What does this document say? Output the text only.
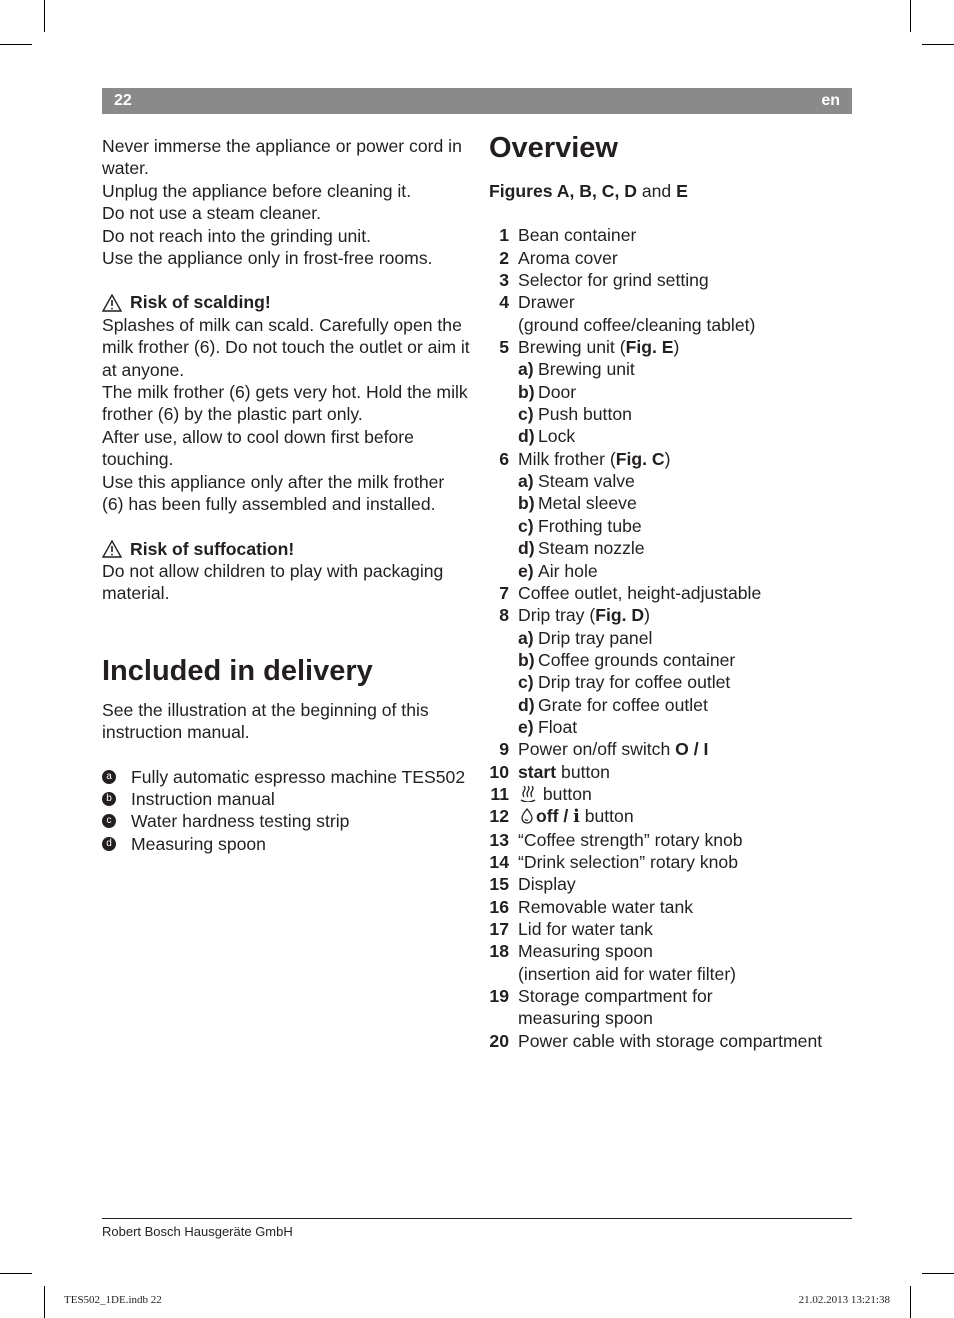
22	en

Never immerse the appliance or power cord in water.

Unplug the appliance before cleaning it.

Do not use a steam cleaner.

Do not reach into the grinding unit.

Use the appliance only in frost-free rooms.

Risk of scalding!

Splashes of milk can scald. Carefully open the milk frother (6). Do not touch the outlet or aim it at anyone.

The milk frother (6) gets very hot. Hold the milk frother (6) by the plastic part only.

After use, allow to cool down first before touching.

Use this appliance only after the milk frother (6) has been fully assembled and installed.

Risk of suffocation!

Do not allow children to play with packaging material.

Included in delivery

See the illustration at the beginning of this instruction manual.

a Fully automatic espresso machine TES502
b Instruction manual
c Water hardness testing strip
d Measuring spoon
Overview
Figures A, B, C, D and E
1 Bean container
2 Aroma cover
3 Selector for grind setting
4 Drawer
(ground coffee/cleaning tablet)
5 Brewing unit (Fig. E)
a) Brewing unit
b) Door
c) Push button
d) Lock
6 Milk frother (Fig. C)
a) Steam valve
b) Metal sleeve
c) Frothing tube
d) Steam nozzle
e) Air hole
7 Coffee outlet, height-adjustable
8 Drip tray (Fig. D)
a) Drip tray panel
b) Coffee grounds container
c) Drip tray for coffee outlet
d) Grate for coffee outlet
e) Float
9 Power on/off switch O / I
10 start button
11	button
12	off / i button
13 “Coffee strength” rotary knob
14 “Drink selection” rotary knob
15 Display
16 Removable water tank
17 Lid for water tank
18 Measuring spoon
(insertion aid for water filter)
19 Storage compartment for
measuring spoon
20 Power cable with storage compartment
Robert Bosch Hausgeräte GmbH
TES502_1DE.indb 22	21.02.2013 13:21:38
